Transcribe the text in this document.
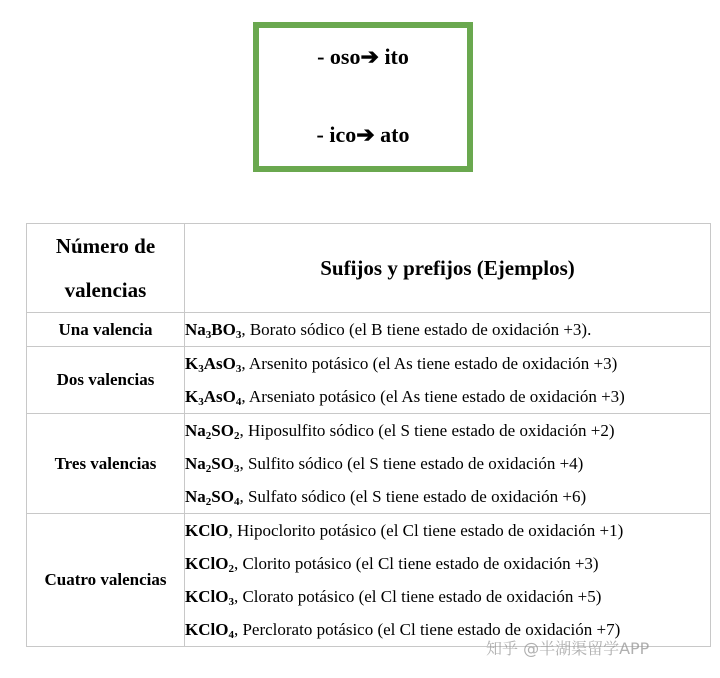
- oso➔ ito
- ico➔ ato
Número de
valencias	Sufijos y prefijos (Ejemplos)
Una valencia	$Na_3BO_3$, Borato sódico (el B tiene estado de oxidación +3).

Dos valencias	$K_3AsO_3$, Arsenito potásico (el As tiene estado de oxidación +3)
$K_3AsO_4$, Arseniato potásico (el As tiene estado de oxidación +3)

Tres valencias	$Na_2SO_2$, Hiposulfito sódico (el S tiene estado de oxidación +2)
$Na_2SO_3$, Sulfito sódico (el S tiene estado de oxidación +4)
$Na_2SO_4$, Sulfato sódico (el S tiene estado de oxidación +6)

Cuatro valencias	KClO, Hipoclorito potásico (el Cl tiene estado de oxidación +1)
KClO$_2$, Clorito potásico (el Cl tiene estado de oxidación +3)
KClO$_3$, Clorato potásico (el Cl tiene estado de oxidación +5)
KClO$_4$, Perclorato potásico (el Cl tiene estado de oxidación +7)
知乎 @半湖渠留学APP
